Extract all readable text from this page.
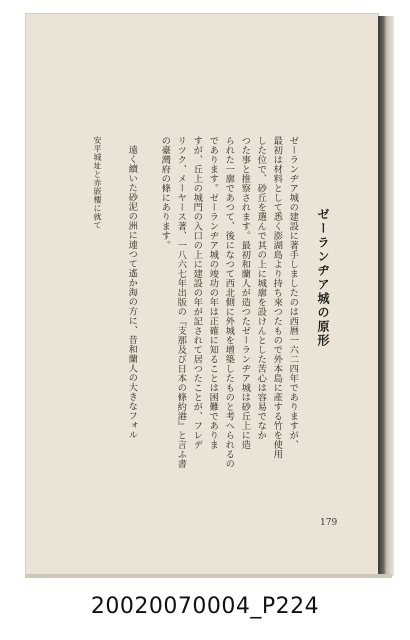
ゼーランヂア城の原形
ゼーランヂア城の建設に著手しましたのは西暦一六二四年でありますが、
最初は材料として悉く澎湖島より持ち來つたもので外本島に產する竹を使用
した位で、砂丘を選んで其の上に城廓を設けんとした苦心は容易でなか
つた事と推察されます。最初和蘭人が造つたゼーランヂア城は砂丘上に造
られた一廓であつて、後になつて西北側に外城を增築したものと考へられるの
であります。ゼーランヂア城の竣功の年は正確に知ることは困難でありま
すが、丘上の城門の入口の上に建設の年が記されて居つたことが、フレデ
リツク、メーヤース著、一八六七年出版の『支那及び日本の條約港』と言ふ書
の臺灣府の條にあります。
遠く續いた砂泥の洲に連つて遙か海の方に、昔和蘭人の大きなフォル
安平城址と赤嵌樓に就て
179
20020070004_P224
